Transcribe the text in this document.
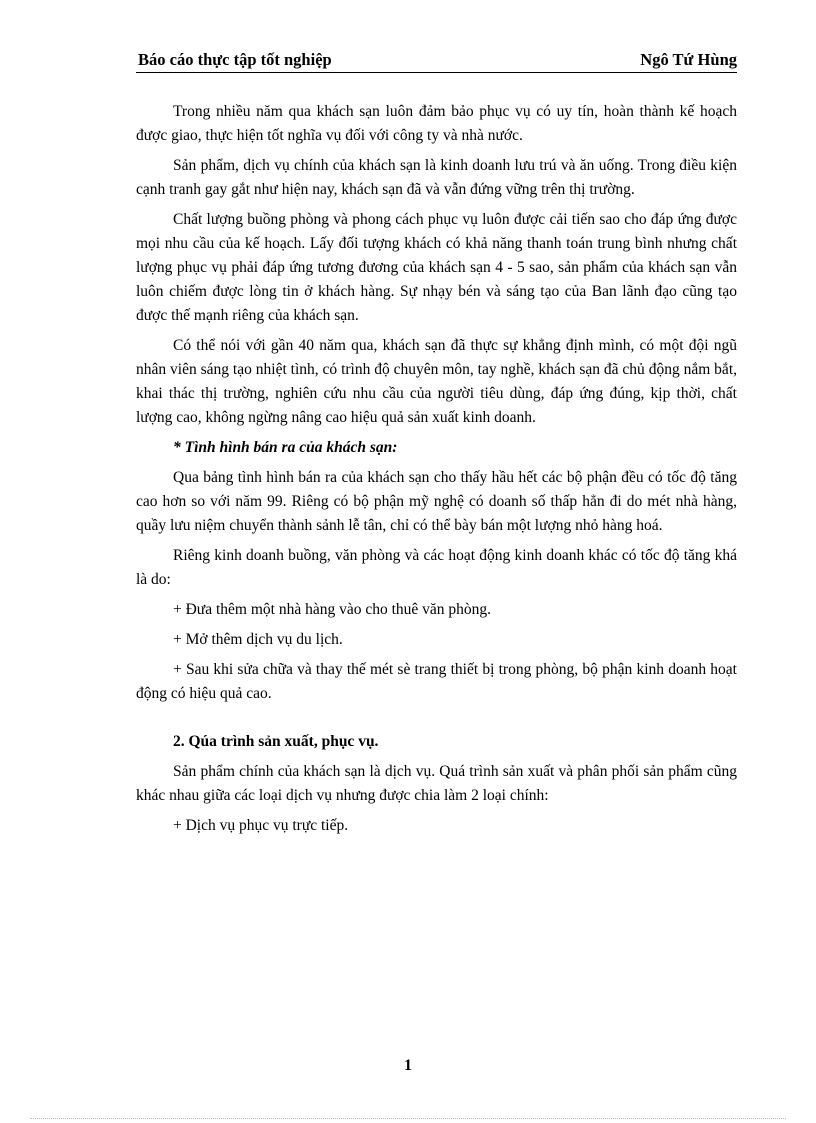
Báo cáo thực tập tốt nghiệp	Ngô Tứ Hùng

Trong nhiều năm qua khách sạn luôn đảm bảo phục vụ có uy tín, hoàn thành kế hoạch được giao, thực hiện tốt nghĩa vụ đối với công ty và nhà nước.

Sản phẩm, dịch vụ chính của khách sạn là kinh doanh lưu trú và ăn uống. Trong điều kiện cạnh tranh gay gắt như hiện nay, khách sạn đã và vẫn đứng vững trên thị trường.

Chất lượng buồng phòng và phong cách phục vụ luôn được cải tiến sao cho đáp ứng được mọi nhu cầu của kế hoạch. Lấy đối tượng khách có khả năng thanh toán trung bình nhưng chất lượng phục vụ phải đáp ứng tương đương của khách sạn 4 - 5 sao, sản phẩm của khách sạn vẫn luôn chiếm được lòng tin ở khách hàng. Sự nhạy bén và sáng tạo của Ban lãnh đạo cũng tạo được thế mạnh riêng của khách sạn.

Có thể nói với gần 40 năm qua, khách sạn đã thực sự khẳng định mình, có một đội ngũ nhân viên sáng tạo nhiệt tình, có trình độ chuyên môn, tay nghề, khách sạn đã chủ động nắm bắt, khai thác thị trường, nghiên cứu nhu cầu của người tiêu dùng, đáp ứng đúng, kịp thời, chất lượng cao, không ngừng nâng cao hiệu quả sản xuất kinh doanh.

* Tình hình bán ra của khách sạn:

Qua bảng tình hình bán ra của khách sạn cho thấy hầu hết các bộ phận đều có tốc độ tăng cao hơn so với năm 99. Riêng có bộ phận mỹ nghệ có doanh số thấp hẳn đi do mét nhà hàng, quầy lưu niệm chuyển thành sảnh lễ tân, chỉ có thể bày bán một lượng nhỏ hàng hoá.

Riêng kinh doanh buồng, văn phòng và các hoạt động kinh doanh khác có tốc độ tăng khá là do:

+ Đưa thêm một nhà hàng vào cho thuê văn phòng.

+ Mở thêm dịch vụ du lịch.

+ Sau khi sửa chữa và thay thế mét sè trang thiết bị trong phòng, bộ phận kinh doanh hoạt động có hiệu quả cao.

2. Qúa trình sản xuất, phục vụ.

Sản phẩm chính của khách sạn là dịch vụ. Quá trình sản xuất và phân phối sản phẩm cũng khác nhau giữa các loại dịch vụ nhưng được chia làm 2 loại chính:

+ Dịch vụ phục vụ trực tiếp.

1
